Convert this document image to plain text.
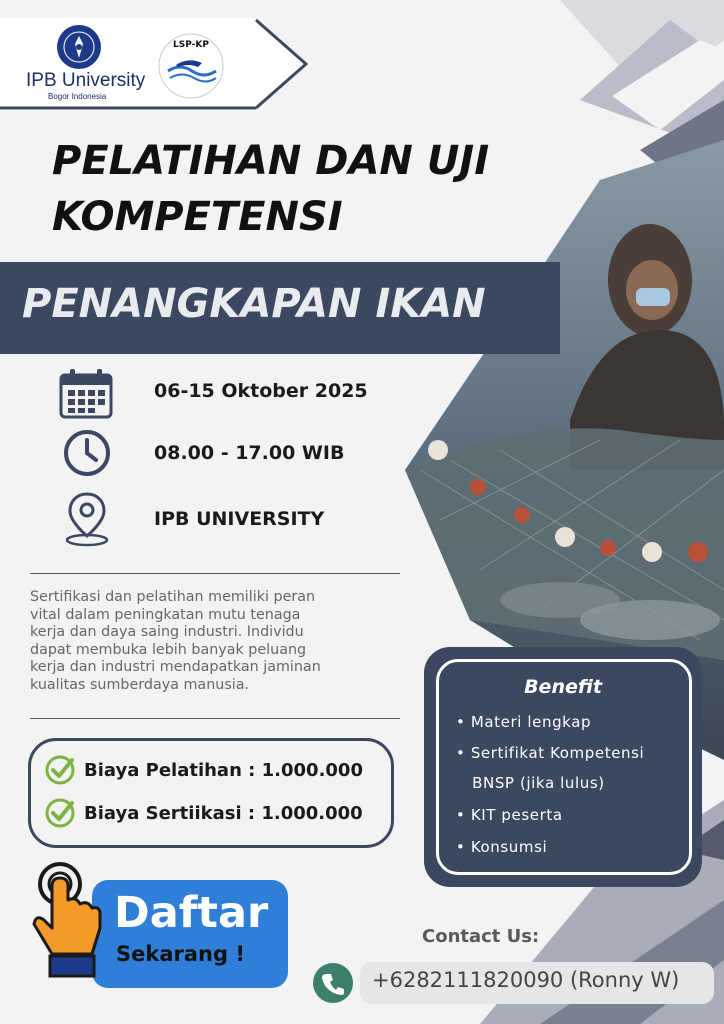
IPB University
Bogor Indonesia
LSP-KP
PELATIHAN DAN UJI
KOMPETENSI
PENANGKAPAN IKAN
06-15 Oktober 2025
08.00 - 17.00 WIB
IPB UNIVERSITY
Sertifikasi dan pelatihan memiliki peran
vital dalam peningkatan mutu tenaga
kerja dan daya saing industri. Individu
dapat membuka lebih banyak peluang
kerja dan industri mendapatkan jaminan
kualitas sumberdaya manusia.
Biaya Pelatihan : 1.000.000
Biaya Sertiikasi : 1.000.000
Benefit
• Materi lengkap
• Sertifikat Kompetensi
BNSP (jika lulus)
• KIT peserta
• Konsumsi
Daftar
Sekarang !
Contact Us:
+6282111820090 (Ronny W)
